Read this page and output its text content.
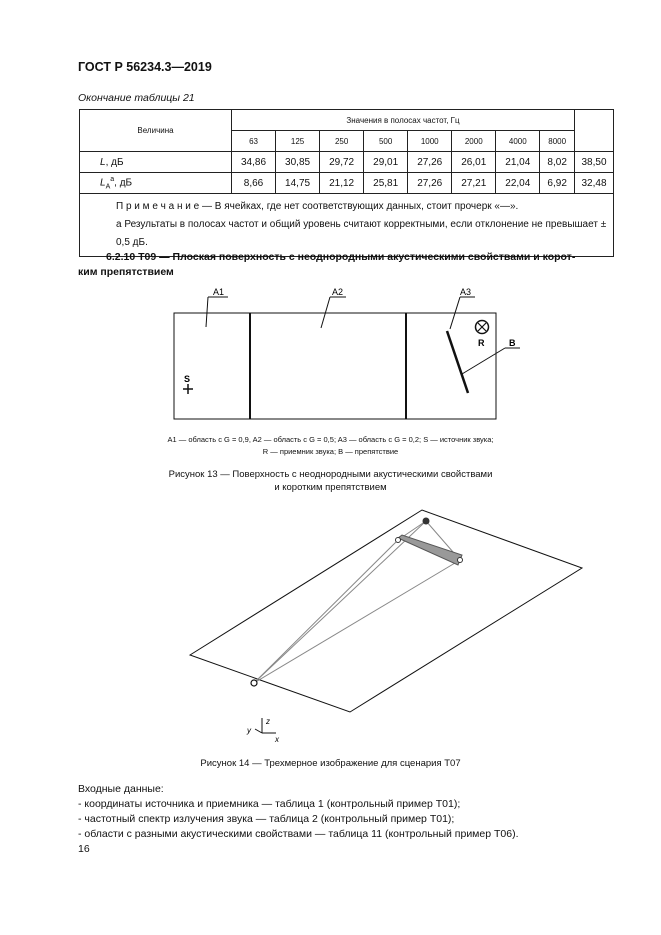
ГОСТ Р 56234.3—2019
Окончание таблицы 21
Величина	Значения в полосах частот, Гц								
	63	125	250	500	1000	2000	4000	8000	
L, дБ	34,86	30,85	29,72	29,01	27,26	26,01	21,04	8,02	38,50
$L_A^a$, дБ	8,66	14,75	21,12	25,81	27,26	27,21	22,04	6,92	32,48
П р и м е ч а н и е — В ячейках, где нет соответствующих данных, стоит прочерк «—».
a Результаты в полосах частот и общий уровень считают корректными, если отклонение не превышает ± 0,5 дБ.									
6.2.10 T09 — Плоская поверхность с неоднородными акустическими свойствами и корот-
ким препятствием
A1	A2	A3
B
R
S
A1 — область с G = 0,9, A2 — область с G = 0,5; A3 — область с G = 0,2; S — источник звука;
R — приемник звука; B — препятствие
Рисунок 13 — Поверхность с неоднородными акустическими свойствами
и коротким препятствием
z
y
x
Рисунок 14 — Трехмерное изображение для сценария Т07
Входные данные:
- координаты источника и приемника — таблица 1 (контрольный пример Т01);
- частотный спектр излучения звука — таблица 2 (контрольный пример Т01);
- области с разными акустическими свойствами — таблица 11 (контрольный пример Т06).
16
